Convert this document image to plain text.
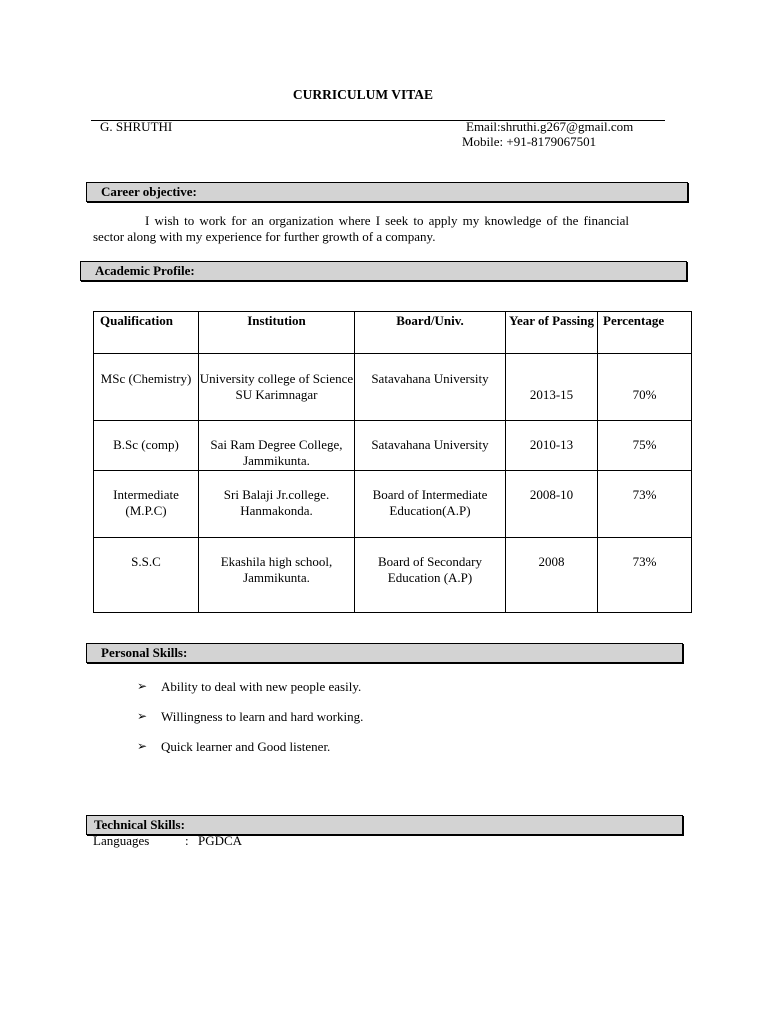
CURRICULUM VITAE
G. SHRUTHI	Email:shruthi.g267@gmail.com
Mobile: +91-8179067501
Career objective:
I wish to work for an organization where I seek to apply my knowledge of the financial sector along with my experience for further growth of a company.
Academic Profile:
Qualification	Institution	Board/Univ.	Year of Passing	Percentage

MSc (Chemistry)	University college of Science SU Karimnagar	Satavahana University	2013-15	70%

B.Sc (comp)	Sai Ram Degree College, Jammikunta.	Satavahana University	2010-13	75%

Intermediate (M.P.C)	Sri Balaji Jr.college. Hanmakonda.	Board of Intermediate Education(A.P)	2008-10	73%

S.S.C	Ekashila high school, Jammikunta.	Board of Secondary Education (A.P)	2008	73%
Personal Skills:
➢	Ability to deal with new people easily.
➢	Willingness to learn and hard working.
➢	Quick learner and Good listener.
Technical Skills:
Languages	: PGDCA
